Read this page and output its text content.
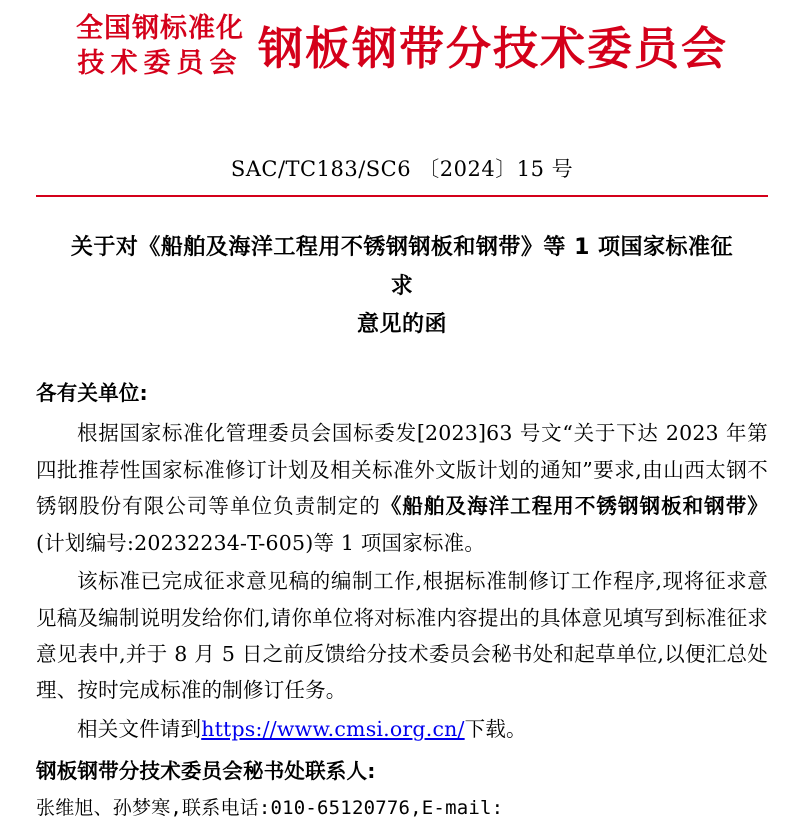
全国钢标准化
技术委员会 钢板钢带分技术委员会
SAC/TC183/SC6 〔2024〕15 号
关于对《船舶及海洋工程用不锈钢钢板和钢带》等 1 项国家标准征求
意见的函
各有关单位:

根据国家标准化管理委员会国标委发[2023]63 号文“关于下达 2023 年第四批推荐性国家标准修订计划及相关标准外文版计划的通知”要求,由山西太钢不锈钢股份有限公司等单位负责制定的《船舶及海洋工程用不锈钢钢板和钢带》(计划编号:20232234-T-605)等 1 项国家标准。

该标准已完成征求意见稿的编制工作,根据标准制修订工作程序,现将征求意见稿及编制说明发给你们,请你单位将对标准内容提出的具体意见填写到标准征求意见表中,并于 8 月 5 日之前反馈给分技术委员会秘书处和起草单位,以便汇总处理、按时完成标准的制修订任务。

相关文件请到https://www.cmsi.org.cn/下载。

钢板钢带分技术委员会秘书处联系人:
张维旭、孙梦寒,联系电话:010-65120776,E-mail:
